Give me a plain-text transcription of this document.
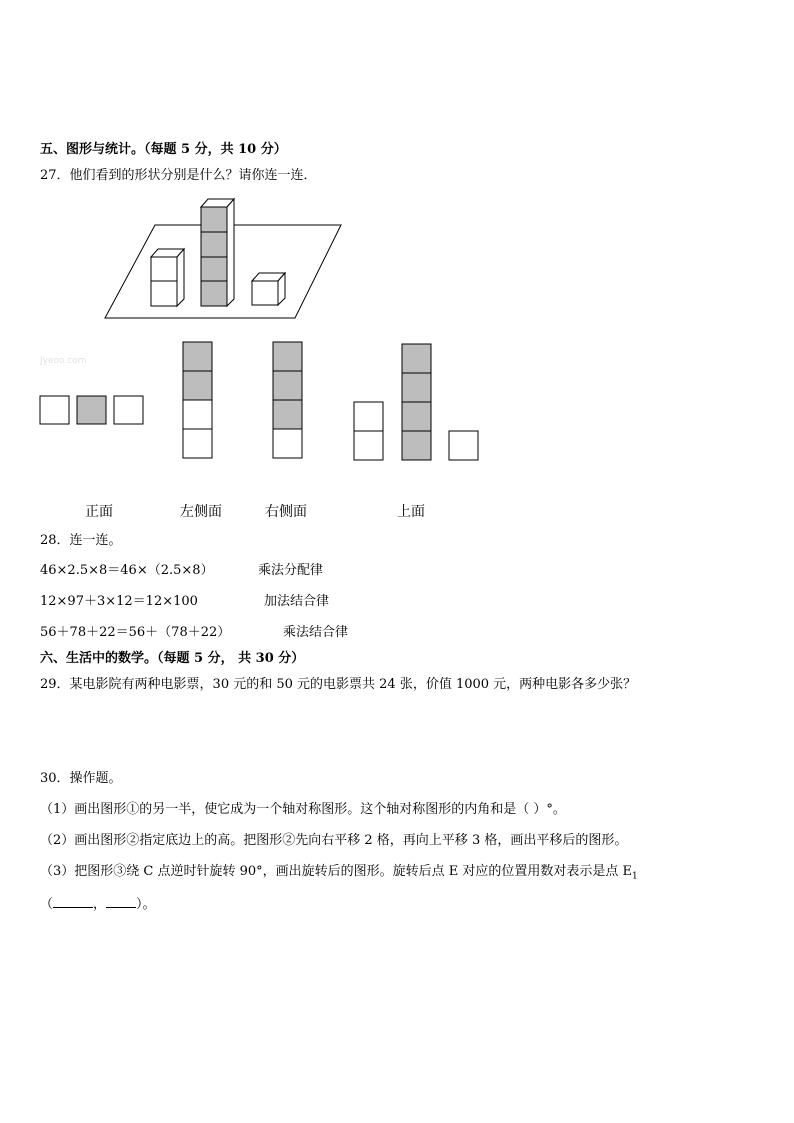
五、图形与统计。（每题 5 分，共 10 分）
27．他们看到的形状分别是什么？请你连一连．
Jyeoo.com
正面	左侧面	右侧面	上面
28．连一连。
46×2.5×8＝46×（2.5×8）
12×97＋3×12＝12×100
56＋78＋22＝56＋（78＋22）
乘法分配律
加法结合律
乘法结合律
六、生活中的数学。（每题 5 分， 共 30 分）
29．某电影院有两种电影票，30 元的和 50 元的电影票共 24 张，价值 1000 元，两种电影各多少张？
30．操作题。
（1）画出图形①的另一半，使它成为一个轴对称图形。这个轴对称图形的内角和是（ ）°。
（2）画出图形②指定底边上的高。把图形②先向右平移 2 格，再向上平移 3 格，画出平移后的图形。
（3）把图形③绕 C 点逆时针旋转 90°，画出旋转后的图形。旋转后点 E 对应的位置用数对表示是点 $E_1$
（	， ）。
